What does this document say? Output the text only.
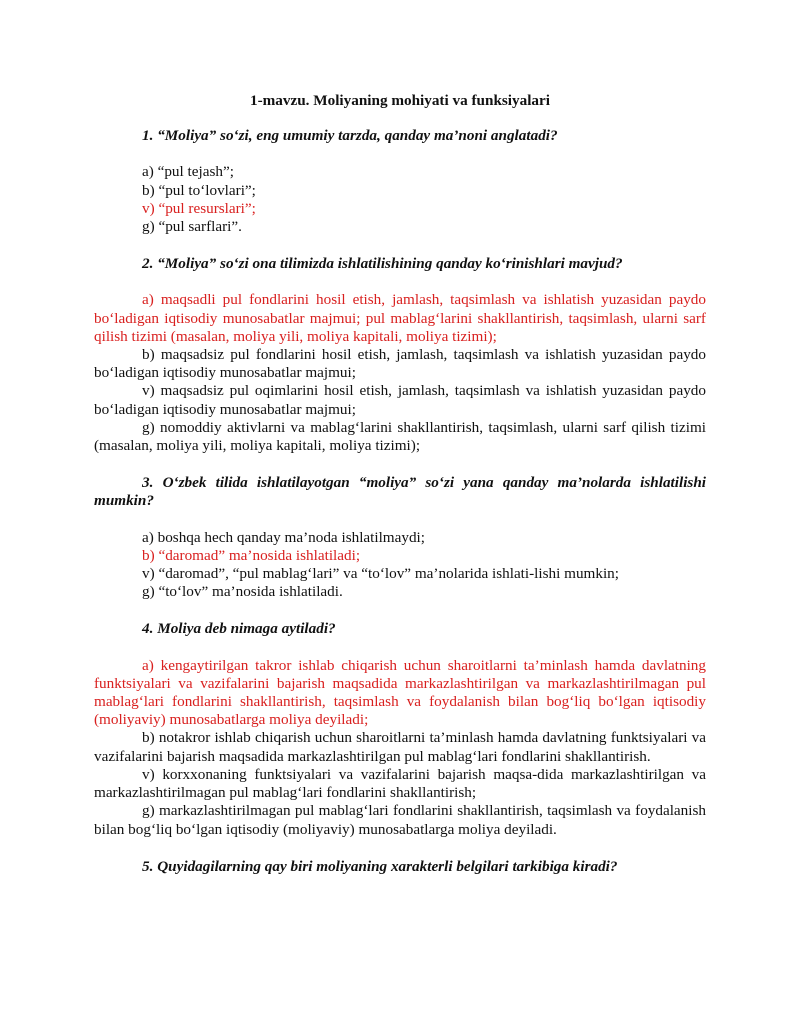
1-mavzu. Moliyaning mohiyati va funksiyalari
1. “Moliya” so‘zi, eng umumiy tarzda, qanday ma’noni anglatadi?

a) “pul tejash”;

b) “pul to‘lovlari”;

v) “pul resurslari”;

g) “pul sarflari”.

2. “Moliya” so‘zi ona tilimizda ishlatilishining qanday ko‘rinishlari mavjud?

a) maqsadli pul fondlarini hosil etish, jamlash, taqsimlash va ishlatish yuzasidan paydo bo‘ladigan iqtisodiy munosabatlar majmui; pul mablag‘larini shakllantirish, taqsimlash, ularni sarf qilish tizimi (masalan, moliya yili, moliya kapitali, moliya tizimi);

b) maqsadsiz pul fondlarini hosil etish, jamlash, taqsimlash va ishlatish yuzasidan paydo bo‘ladigan iqtisodiy munosabatlar majmui;

v) maqsadsiz pul oqimlarini hosil etish, jamlash, taqsimlash va ishlatish yuzasidan paydo bo‘ladigan iqtisodiy munosabatlar majmui;

g) nomoddiy aktivlarni va mablag‘larini shakllantirish, taqsimlash, ularni sarf qilish tizimi (masalan, moliya yili, moliya kapitali, moliya tizimi);

3. O‘zbek tilida ishlatilayotgan “moliya” so‘zi yana qanday ma’nolarda ishlatilishi mumkin?

a) boshqa hech qanday ma’noda ishlatilmaydi;

b) “daromad” ma’nosida ishlatiladi;

v) “daromad”, “pul mablag‘lari” va “to‘lov” ma’nolarida ishlati-lishi mumkin;

g) “to‘lov” ma’nosida ishlatiladi.

4. Moliya deb nimaga aytiladi?

a) kengaytirilgan takror ishlab chiqarish uchun sharoitlarni ta’minlash hamda davlatning funktsiyalari va vazifalarini bajarish maqsadida markazlashtirilgan va markazlashtirilmagan pul mablag‘lari fondlarini shakllantirish, taqsimlash va foydalanish bilan bog‘liq bo‘lgan iqtisodiy (moliyaviy) munosabatlarga moliya deyiladi;

b) notakror ishlab chiqarish uchun sharoitlarni ta’minlash hamda davlatning funktsiyalari va vazifalarini bajarish maqsadida markazlashtirilgan pul mablag‘lari fondlarini shakllantirish.

v) korxxonaning funktsiyalari va vazifalarini bajarish maqsa-dida markazlashtirilgan va markazlashtirilmagan pul mablag‘lari fondlarini shakllantirish;

g) markazlashtirilmagan pul mablag‘lari fondlarini shakllantirish, taqsimlash va foydalanish bilan bog‘liq bo‘lgan iqtisodiy (moliyaviy) munosabatlarga moliya deyiladi.

5. Quyidagilarning qay biri moliyaning xarakterli belgilari tarkibiga kiradi?
